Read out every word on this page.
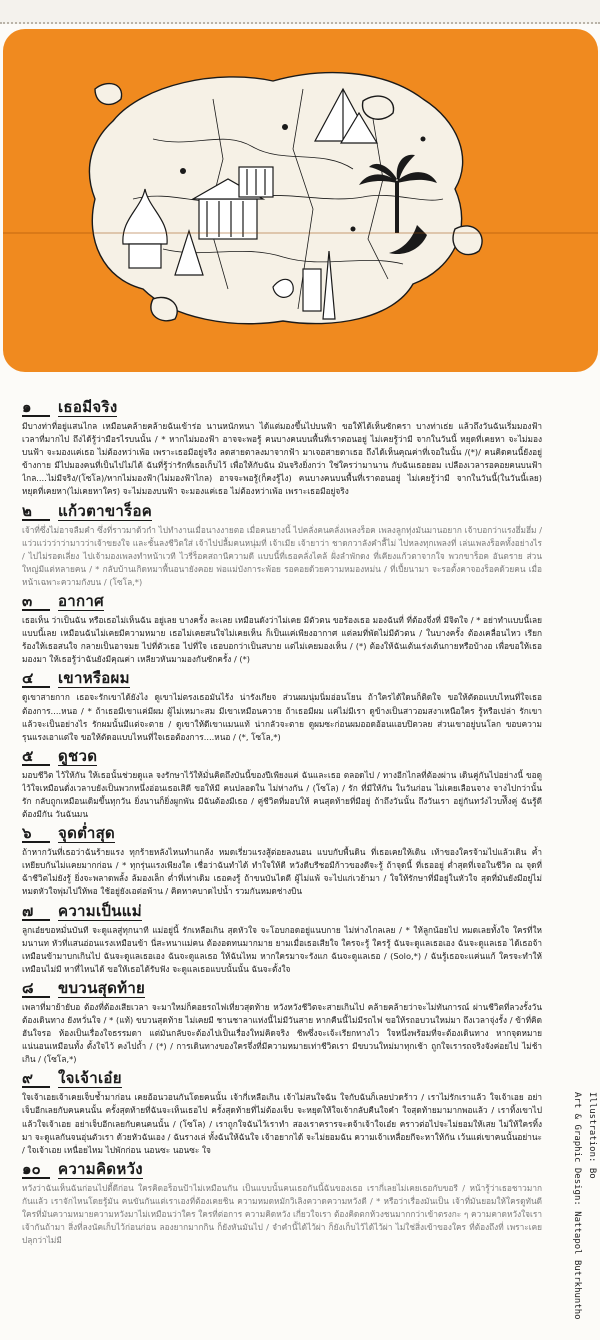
๑	เธอมีจริง
มีบางท่าที่อยู่แสนไกล เหมือนคล้ายคล้ายฉันเข้าร่อ นานหนักหนา ได้แต่มองขึ้นไปบนฟ้า ขอให้ได้เห็นซักครา บางท่าเธ่ย แล้วถึงวันฉันเริ่มมองฟ้า เวลาที่มากไป ถึงได้รู้ว่ามือรไรบนนั้น / * หากไม่มองฟ้า อาจจะพอรู้ คนบางคนบนพื้นที่เราตอนอยู่ ไม่เคยรู้ว่ามี จากในวันนี้ หยุดที่เคยหา จะไม่มองบนฟ้า จะมองแค่เธอ ไม่ต้องหว่าเพ้อ เพราะเธอมีอยู่จริง ลดสายตาลงมาจากฟ้า มาเจอสายตาเธอ ถึงได้เห็นคุณค่าที่เจอในนั้น /(*)/ คนคิดคนนี้ยังอยู่ข้างกาย มีไปมองคนที่เป็นไปไม่ได้ ฉันที่รู้ว่ารักที่เธอเก็บไว้ เพื่อให้กับฉัน มันจริงยิ่งกว่า ใช่ใครว่ามานาน กับฉันเธอยอม เปลืองเวลารอคอยคนบนฟ้าไกล....ไม่มีจริง/(โซโล)/หากไม่มองฟ้า(ไม่มองฟ้าไกล) อาจจะพอรู้(ก็คงรู้ไง) คนบางคนบนพื้นที่เราตอนอยู่ ไม่เคยรู้ว่ามี จากในวันนี้(ในวันนี้เลย) หยุดที่เคยหา(ไม่เคยหาใคร) จะไม่มองบนฟ้า จะมองแค่เธอ ไม่ต้องหว่าเพ้อ เพราะเธอมีอยู่จริง
๒	แก้วตาขาร็อค
เจ้าที่ซึ่งไม่อาจลืมคำ ซึ่งที่ราวมาด้วกำ ไปทำงานเมื่อนางงายตอ เมื่อคนยางนี้ ไปคลั่งคนคลั่งเพลงร็อค เพลงลูกทุ่งมันมานอยาก เจ้าบอกว่าแรงฮึ่มฮึ่ม / แว่วแว่วว่าว่ามาวว่าเจ้าขยงใจ และชั้นลงชีวิตใส่ เจ้าไปปลื้มคนหนุ่มที่ เจ้าเมีย เจ้ายาว่า ชาดกวาลังคำลื้ไม่ ไปหลงทุกเพลงที่ เล่นเพลงร็อคทั้งอย่างไร / ไปไม่รอดเลี่ยง ไปเจ้ามองเพลงทำหน้าเวที ไวรี่ร็อคสถานีความดี แบบนี้ที่เธอคลั่งไคล้ ฝั่งลำพักดง ที่เคียงแก้วตาจากใจ พวกขาร็อค อันตราย ส่วนใหญ่มีแต่หลายคน / * กลับบ้านเกิดหมาพื้นอนายังคอย พ่อแม่บังการะพ้อย รอคอยด้วยความหมองหม่น / ที่เปี้ยนามา จะรอตั้งคาจองร็อคด้วยคน เมื่อหน้าเฉพาะความกังบน / (โซโล,*)
๓	อากาศ
เธอเห็น ว่าเป็นฉัน หรือเธอไม่เห็นฉัน อยู่เลย บางครั้ง ละเลย เหมือนดังว่าไม่เคย มีตัวตน ขอร้องเธอ มองฉันที่ ที่ต้องจึ่งที่ มีจิตใจ / * อย่าทำแบบนี้เลย แบบนี้เลย เหมือนฉันไม่เคยมีความหมาย เธอไม่เคยสนใจไม่เคยเห็น ก็เป็นแค่เพียงอากาศ แต่ลมที่พัดไม่มีตัวตน / ในบางครั้ง ต้องเคลื่อนไหว เรียกร้องให้เธอสนใจ กลายเป็นอาจมย ไปที่ตัวเธอ ไปที่ใจ เธอบอกว่าเป็นสบาย แต่ไม่เคยมองเห็น / (*) ต้องให้ฉันเต้นเร่งเต้นกายหรือบ้างอ เพื่อขอให้เธอมองมา ให้เธอรู้ว่าฉันยังมีคุณค่า เหลียวหันมามองกันซักครั้ง / (*)
๔	เขาหรือผม
ดูเขาสายกาก เธอจะรักเขาได้ยังไง ดูเขาไม่ตรงเธอมันไร้ง น่ารังเกียจ ส่วนผมนุ่มนิ่มอ่อนโยน ถ้าใครได้ใดนก็ติดใจ ขอให้ตัดอแบบไหนที่ใจเธอต้องการ....หนอ / * ถ้าเธอมีเขาแค่มีผม ผู้ไม่เหมาะสม มีเขาเหมือนควาย ถ้าเธอมีผม แค่ไม่มีเรา ดูข้างเป็นสาวอมสงาเหนือใคร รู้หรือเปล่า รักเขาแล้วจะเป็นอย่างไร รักผมนั้นมีแต่จะตาย / ดูเขาให้ดีเขาแมนแท้ น่ากลัวจะตาย ดูผมซะก่อนผมออดอ้อนแอบปิตวลย ส่วนเขาอยู่บนโลก ขอบความรุนแรงเอาแต่ใจ ขอให้ตัดอแบบไหนที่ใจเธอต้องการ....หนอ / (*, โซโล,*)
๕	ดูชวด
มอบชีวิต ไว้ให้กัน ให้เธอนั้นช่วยดูแล จงรักษาไว้ให้มั่นคิดถึงบันนี้ของปีเพียงแค่ ฉันและเธอ ตลอดไป / ทางอีกไกลที่ต้องผ่าน เดินคู่กันไปอย่างนี้ ขอดูไว้ใจเหมือนดั่งเวลาบยังเป็นพวกหนึ่งอ่อนเธอเสิดี ขอให้มี คนปลอดใน ไม่ห่างกัน / (โซโล) / รัก ที่มีให้กัน ในวันก่อน ไม่เคยเลือนจาง จางไปกว่านั้น รัก กลับถูกเหมือนเดิมขึ้นทุกวัน ยิ่งนานก็ยิ่งผูกพัน มีฉันต้องมีเธอ / คู่ชีวิตที่มอบให้ คนสุดท้ายที่มีอยู่ ถ้าถึงวันนั้น ถึงวันเรา อยู่กันทวํงไวบท้ึงคู่ ฉันรู้ดี ต้องมีกัน วันฉันมน
๖	จุดต่ำสุด
ถ้าหากวันที่เธอว่าฉันร้ายแรง ทุกร้ายหลังไหนทำแกล้ง หมดเรี่ยวแรงสู้ต่อยลงนอน แบบกับพื้นดิน ที่เธอเคยให้เดิน เท้าของใครจ้ามไปแล้วเดิน ค้ำเหยียบกันไม่แคยมากก่อน / * ทุกรุ่นแรงเพียงใด เชื่อว่าฉันทำได้ ทำใจให้ดี หวังดีบรีชอมีก้าวของดีจะรู้ ถ้าจุดนี้ ที่เธออยู่ ต่ำสุดที่เจอในชีวิต ณ จุดที่ฉ้าชีวิตไม่ยังรู้ ยิ่งจะพลาดพลั้ง ล้มองเล็ก ต่ำที่เท่าเดิม เธอคงรู้ ถ้าขนบันไดดี ผู้ไม่แพ้ จะไปแก่เวย้ามา / ใจให้รักษาที่มีอยู่ในหัวใจ สุดที่มันยังมีอยู่ไม่ หมดหัวใจพุ่มไปให้พอ ใช้อยู่ยังเอต่อพ้าน / คิดหาคบาดไปน้ำ รวมกันหมดช่างบิน
๗	ความเป็นแม่
ลูกเอ๋ยขอหมั่นบันที จะดูแลสู่ทุกนาที แม่อยู่นี้ รักเหลือเกิน สุดหัวใจ จะโอบกอดอยู่แนบกาย ไม่ห่างไกลเลย / * ให้ลูกน้อยไป หมดเลยทั้งใจ ใครที่ใหมนานท หัวที่แสนอ่อนแรงเหมือนข้า นี่สะหนาแม่คน ต้องอดทนมากมาย ยามเมื่อเธอเสียใจ ใครจะรู้ ใครรู้ ฉันจะดูแลเธอเอง ฉันจะดูแลเธอ ได้เธอจ้า เหมือนข้ามาบกเกินไป ฉันจะดูแลเธอเอง ฉันจะดูแลเธอ ให้ฉันไหม หากใครมาจะรังแก ฉันจะดูแลเธอ / (Solo,*) / ฉันรู้เธอจะแค่นแก้ ใครจะทำให้เหมือนไม่มี หาที่ไหนได้ ขอให้เธอได้รับฟัง จะดูแลเธอแบบนั้นนั้น ฉันจะตั้งใจ
๘	ขบวนสุดท้าย
เพลาที่มาย้ายับอ ต้องที่ต้องเสียเวลา จะมาใหม่ก็คอยรถไฟเที่ยวสุดท้าย หวังหวังชีวิตจะสายเกินไป คล้ายคล้ายว่าจะไม่ทันการณ์ ผ่านชีวิตที่ลวงรั้งวันต้องเดินทาง ยังหวั่นใจ / * (แท้) ขบวนสุดท้าย ไม่เคยมี ชานชาลาแห่งนี้ไม่มีวันสาย หากคืนนี้ไม่มีรถไฟ ขอให้รถอบวนใหม่มา ถึงเวลาจุ่งรั้ง / ข้าที่คิดฮันใจรอ ห้องเป็นเรื่องใจธรรมดา แต่มันกลับจะต้องไปเป็นเรื่องใหม่คิดจริง ชีพซึ่งจะเจ้ะเรียกทางไว ใจหนึ่งพร้อมที่จะต้องเดินทาง หากจุดหมายแน่นอนเหมือนทั้ง ตั้งใจไว้ คงไปถ้ำ / (*) / การเดินทางของใครจึ่งที่มีความหมายเท่าชีวิตเรา มีขบวนใหม่มาทุกเช้า ถูกใจเรารถจริงจังค่อยไป ไม่ช้าเกิน / (โซโล,*)
๙	ใจเจ้าเอ๋ย
ใจเจ้าเอยเจ้าเคยเจ็บช้ำมาก่อน เคยอ้อนวอนกันโดยคนนั้น เจ้ากี่เหลือเกิน เจ้าไม่สนใจฉัน ใจกับฉันก็เลยปวดร้าว / เราไม่รักเราแล้ว ใจเจ้าเอย อย่าเจ็บอีกเลยกับคนคนนั้น ครั้งสุดท้ายที่ฉันจะเห็นเธอไป ครั้งสุดท้ายที่ไม่ต้องเจ็บ จะหยุดให้ใจเจ้ากลับคืนใจคำ ใจสุดท้ายมามากพอแล้ว / เราทิ้งเขาไปแล้วใจเจ้าเอย อย่าเจ็บอีกเลยกับคนคนนั้น / (โซโล) / เราถูกใจฉันไว้เราทำ สองเราครารจะดจ้าเจ้าใจเอ๋ย คราวต่อไปจะไม่ยอมให้เสย ไม่ให้ใครทิ้งมา จะดูแลกันจนอุ่นตัวเรา ด้วยหัวฉันเอง / ฉันรางเล่ ทั้งฉันให้ฉันใจ เจ้าอยากได้ จะไม่ยอมฉัน ความเจ้าเหลื่อยกีจะหาให้กัน เว้นแต่เขาคนนั้นอย่านะ / ใจเจ้าเอย เหนื่อยไหม ไปพักก่อน นอนซะ นอนซะ ใจ
๑๐	ความคิดหวัง
หวังว่าฉันเห็นฉันก่อนไปตี้ดีก่อน ใครคิดอร็อนป้าไม่เหมือนกัน เป็นแบบนั้นคนเธอกันนี้ฉันของเธอ เรากี่เลยไม่เคยเธอกับขอรี / หน้ารู้ว่าเธอชาวมากกันแล้ว เราจักไหนโดยรู้มัน คนขันกันแต่เราเองที่ต้องเคยชิน ความหมดหมักวิเลิงควาดความหวังดี / * หรือว่าเรื่องมันเป็น เจ้าที่มันยอมให้ใครดูทันดี ใครที่มันความหมายความหวังมาไม่เหมือนว่าใคร ใครที่ต่อการ ความคิดหวัง เกี่ยวใจเรา ต้องคิดตกห้วงชนมากกว่าเข้าตรงกะ ๆ ความคาดหวังใจเรา เจ้ากันถ้ามา สิ่งที่ลงนัคเก็บไว้ก่อนก่อน ลองยากมากกิน ก็ยังหันมันไป / จำคำนี้ได้ไว้ผ่า ก็ยังเก็บไว้ได้ไว้ผ่า ไม่ใช่สิ่งเข้าของใคร ที่ต้องถึงที่ เพราะเคยปลุกว่าไม่มี	Art & Graphic Design: Nattapol Butrkhuntho Illustration: Bo
